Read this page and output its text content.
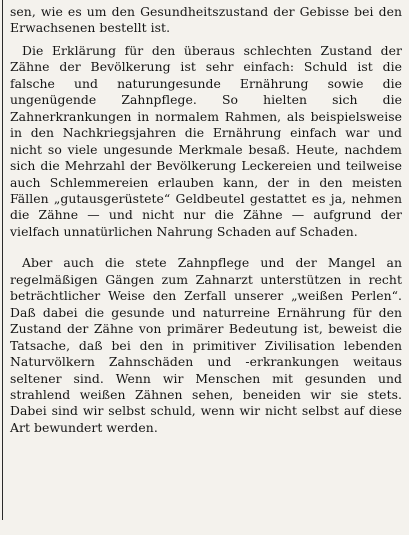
sen, wie es um den Gesundheitszustand der Gebisse bei den Erwachsenen bestellt ist.

Die Erklärung für den überaus schlechten Zustand der Zähne der Bevölkerung ist sehr einfach: Schuld ist die falsche und naturungesunde Ernährung sowie die ungenügende Zahnpflege. So hielten sich die Zahnerkrankungen in normalem Rahmen, als beispielsweise in den Nachkriegsjahren die Ernährung einfach war und nicht so viele ungesunde Merkmale besaß. Heute, nachdem sich die Mehrzahl der Bevölkerung Leckereien und teilweise auch Schlemmereien erlauben kann, der in den meisten Fällen „gutausgerüstete“ Geldbeutel gestattet es ja, nehmen die Zähne — und nicht nur die Zähne — aufgrund der vielfach unnatürlichen Nahrung Schaden auf Schaden.

Aber auch die stete Zahnpflege und der Mangel an regelmäßigen Gängen zum Zahnarzt unterstützen in recht beträchtlicher Weise den Zerfall unserer „weißen Perlen“. Daß dabei die gesunde und naturreine Ernährung für den Zustand der Zähne von primärer Bedeutung ist, beweist die Tatsache, daß bei den in primitiver Zivilisation lebenden Naturvölkern Zahnschäden und -erkrankungen weitaus seltener sind. Wenn wir Menschen mit gesunden und strahlend weißen Zähnen sehen, beneiden wir sie stets. Dabei sind wir selbst schuld, wenn wir nicht selbst auf diese Art bewundert werden.
